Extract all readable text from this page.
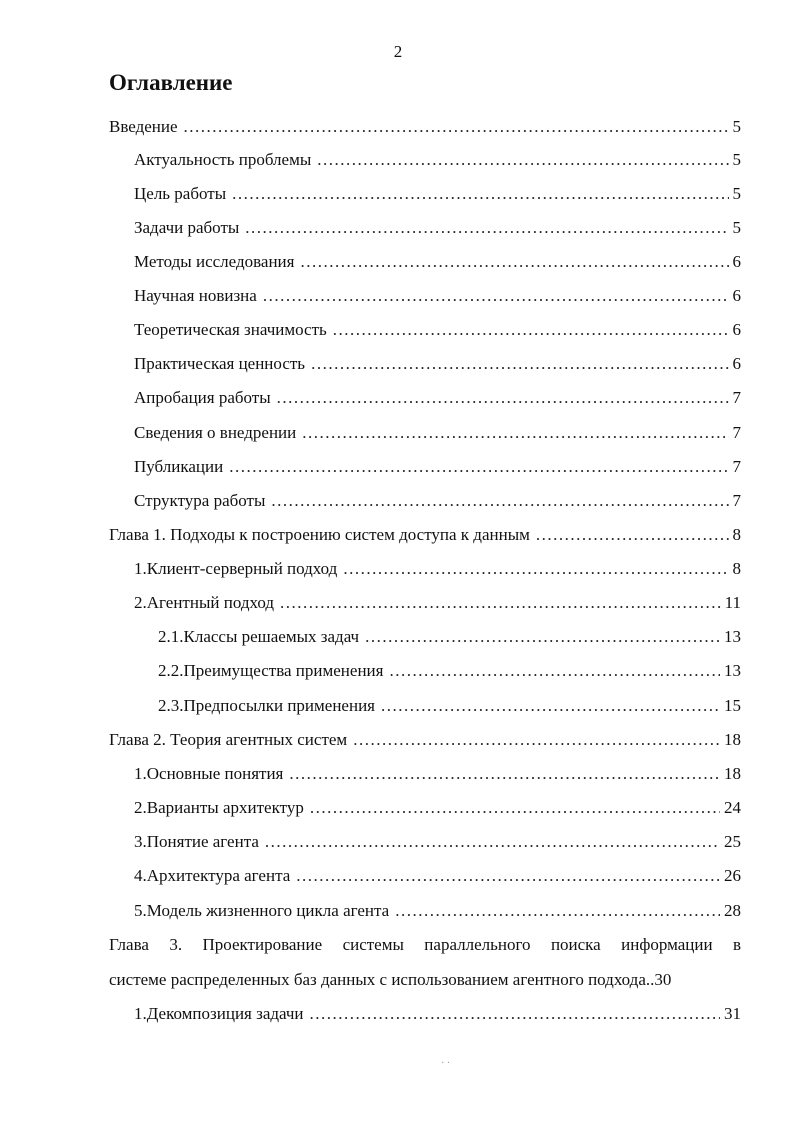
2
Оглавление
Введение .....	5
Актуальность проблемы .....	5
Цель работы .....	5
Задачи работы .....	5
Методы исследования .....	6
Научная новизна .....	6
Теоретическая значимость .....	6
Практическая ценность .....	6
Апробация работы .....	7
Сведения о внедрении .....	7
Публикации .....	7
Структура работы .....	7
Глава 1. Подходы к построению систем доступа к данным .....	8
1. Клиент-серверный подход .....	8
2. Агентный подход .....	11
2.1. Классы решаемых задач .....	13
2.2. Преимущества применения .....	13
2.3. Предпосылки применения .....	15
Глава 2. Теория агентных систем .....	18
1. Основные понятия .....	18
2. Варианты архитектур .....	24
3. Понятие агента .....	25
4. Архитектура агента .....	26
5. Модель жизненного цикла агента .....	28
Глава 3. Проектирование системы параллельного поиска информации в
системе распределенных баз данных с использованием агентного подхода..30
1. Декомпозиция задачи .....	31
· ·
